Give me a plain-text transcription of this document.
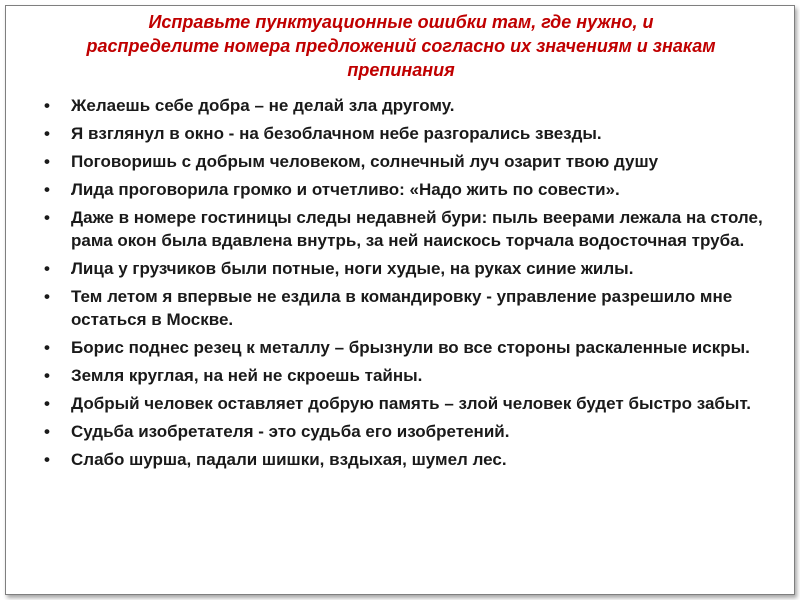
Исправьте пунктуационные ошибки там, где нужно, и
распределите номера предложений согласно их значениям и знакам
препинания
•	Желаешь себе добра – не делай зла другому.
•	Я взглянул в окно - на безоблачном небе разгорались звезды.
•	Поговоришь с добрым человеком, солнечный луч озарит твою душу
•	Лида проговорила громко и отчетливо: «Надо жить по совести».
•	Даже в номере гостиницы следы недавней бури: пыль веерами лежала на столе, рама окон была вдавлена внутрь, за ней наискось торчала водосточная труба.
•	Лица у грузчиков были потные, ноги худые, на руках синие жилы.
•	Тем летом я впервые не ездила в командировку - управление разрешило мне остаться в Москве.
•	Борис поднес резец к металлу – брызнули во все стороны раскаленные искры.
•	Земля круглая, на ней не скроешь тайны.
•	Добрый человек оставляет добрую память – злой человек будет быстро забыт.
•	Судьба изобретателя - это судьба его изобретений.
•	Слабо шурша, падали шишки, вздыхая, шумел лес.
